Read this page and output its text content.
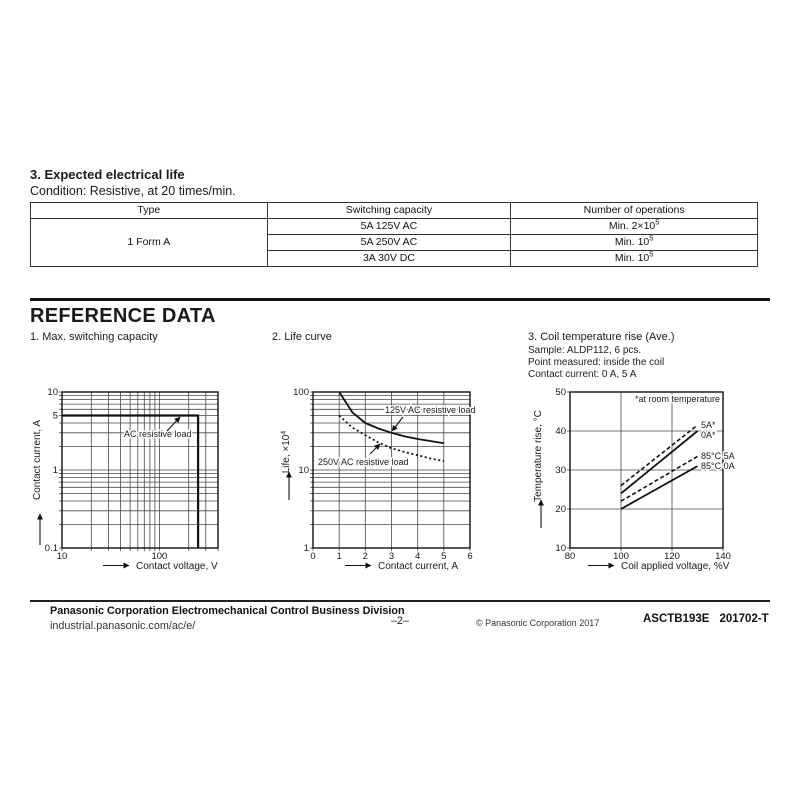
3. Expected electrical life
Condition: Resistive, at 20 times/min.
Type	Switching capacity	Number of operations
1 Form A	5A 125V AC	Min. $2\times 10^5$
	5A 250V AC	Min. $10^5$
	3A 30V DC	Min. $10^5$
REFERENCE DATA
1. Max. switching capacity	2. Life curve	3. Coil temperature rise (Ave.)
Sample: ALDP112, 6 pcs.
Point measured: inside the coil
Contact current: 0 A, 5 A
10	100
10
5
1
0.1
AC resistive load
Contact voltage, V
Contact current, A
0 1 2 3 4 5 6
100
10
1
125V AC resistive load
250V AC resistive load
Contact current, A
Life, $\times 10^4$
80	100	120	140
50
40
30
20
10
*at room temperature
5A*
0A*
85°C 5A
85°C 0A
Coil applied voltage, %V
Temperature rise, °C
Panasonic Corporation Electromechanical Control Business Division
industrial.panasonic.com/ac/e/	–2–	© Panasonic Corporation 2017	ASCTB193E 201702-T
